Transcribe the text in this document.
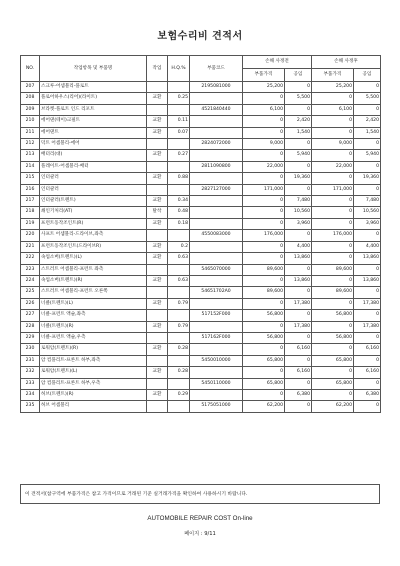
보험수리비 견적서
NO.	작업항목 및 부품명	작업	H.Q.%	부품코드	손해 사정전		손해 사정후	
					부품가격	공임	부품가격	공임
207	스크루-어셈블리-플로트			2195081000	25,200	0	25,200	0
208	플로어하우스(리어)(라이트)	교환	0.25		0	5,500	0	5,500
209	브라켓-플로트 인드 리포트			4521840440	6,100	0	6,100	0
210	에어댄(테이)크필트	교환	0.11		0	2,420	0	2,420
211	에어댄트	교환	0.07		0	1,540	0	1,540
212	덕트 어셈블리-에어			2824072000	9,000	0	9,000	0
213	배터리(대)	교환	0.27		0	5,940	0	5,940
214	플레이트-어셈블리-배터			2811090800	22,000	0	22,000	0
215	인터쿨러	교환	0.88		0	19,360	0	19,360
216	인터쿨러			2827127000	171,000	0	171,000	0
217	인터쿨러(트렌트)	교환	0.34		0	7,480	0	7,480
218	쇄인기처리(AT)	탈착	0.48		0	10,560	0	10,560
219	프런트동작조인트(R)	교환	0.18		0	3,960	0	3,960
220	사프트 어셈블리-드라이브,좌측			4550083000	176,000	0	176,000	0
221	프런트동작조인트(드라이브R)	교환	0.2		0	4,400	0	4,400
222	속업소버(트렌트)(L)	교환	0.63		0	13,860	0	13,860
223	스트러트 어셈블리-프런트 좌측			5465070000	89,600	0	89,600	0
224	속업소버(트렌트)(R)	교환	0.63		0	13,860	0	13,860
225	스트러트 어셈블리-프런트 오른쪽			54651702A0	89,600	0	89,600	0
226	너클(트렌트)(L)	교환	0.79		0	17,380	0	17,380
227	너클-프런트 액슬,좌측			517152F000	56,800	0	56,800	0
228	너클(트렌트)(R)	교환	0.79		0	17,380	0	17,380
229	너클-프런트 액슬,우측			517162F000	56,800	0	56,800	0
230	로워암(트렌트)(R)	교환	0.28		0	6,160	0	6,160
231	암 컴플리트-프론트 하부,좌측			5450010000	65,800	0	65,800	0
232	로워암(트렌트)(L)	교환	0.28		0	6,160	0	6,160
233	암 컴플리트-프론트 하부,우측			5450110000	65,800	0	65,800	0
234	허브(트렌트)(R)	교환	0.29		0	6,380	0	6,380
235	허브 어셈블리			5175051000	62,200	0	62,200	0
이 견적서(참구역에 부품가격은 참고 가격이므로 거래된 기준 실거래가격을 확인하여 사용하시기 바랍니다.
AUTOMOBILE REPAIR COST On-line
페이지 : 9/11
